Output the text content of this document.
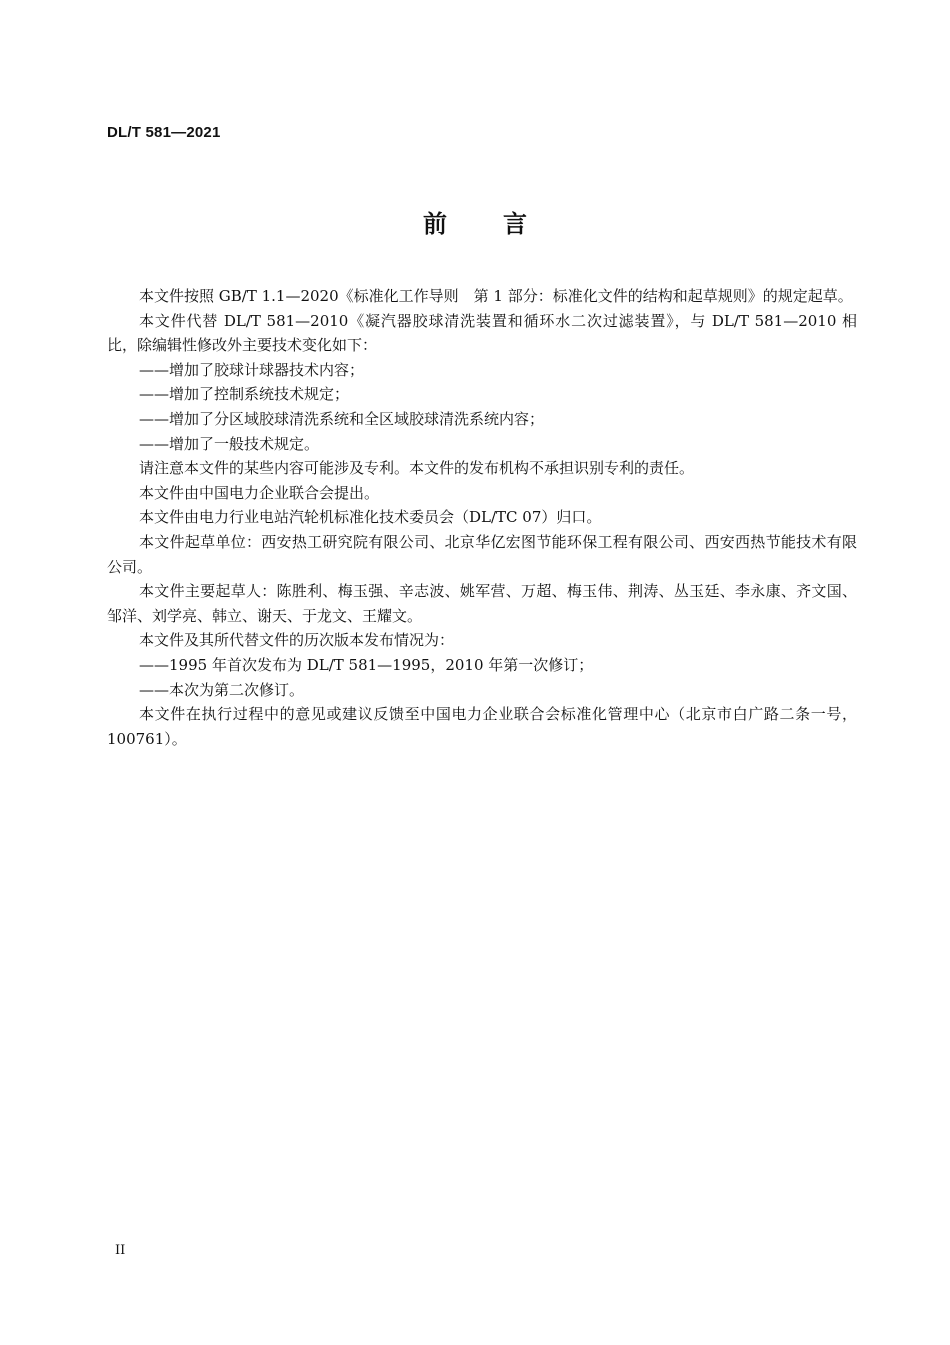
DL/T 581—2021
前言

本文件按照 GB/T 1.1—2020《标准化工作导则　第 1 部分：标准化文件的结构和起草规则》的规定起草。

本文件代替 DL/T 581—2010《凝汽器胶球清洗装置和循环水二次过滤装置》，与 DL/T 581—2010 相比，除编辑性修改外主要技术变化如下：

——增加了胶球计球器技术内容；

——增加了控制系统技术规定；

——增加了分区域胶球清洗系统和全区域胶球清洗系统内容；

——增加了一般技术规定。

请注意本文件的某些内容可能涉及专利。本文件的发布机构不承担识别专利的责任。

本文件由中国电力企业联合会提出。

本文件由电力行业电站汽轮机标准化技术委员会（DL/TC 07）归口。

本文件起草单位：西安热工研究院有限公司、北京华亿宏图节能环保工程有限公司、西安西热节能技术有限公司。

本文件主要起草人：陈胜利、梅玉强、辛志波、姚军营、万超、梅玉伟、荆涛、丛玉廷、李永康、齐文国、邹洋、刘学亮、韩立、谢天、于龙文、王耀文。

本文件及其所代替文件的历次版本发布情况为：

——1995 年首次发布为 DL/T 581—1995，2010 年第一次修订；

——本次为第二次修订。

本文件在执行过程中的意见或建议反馈至中国电力企业联合会标准化管理中心（北京市白广路二条一号，100761）。

II
